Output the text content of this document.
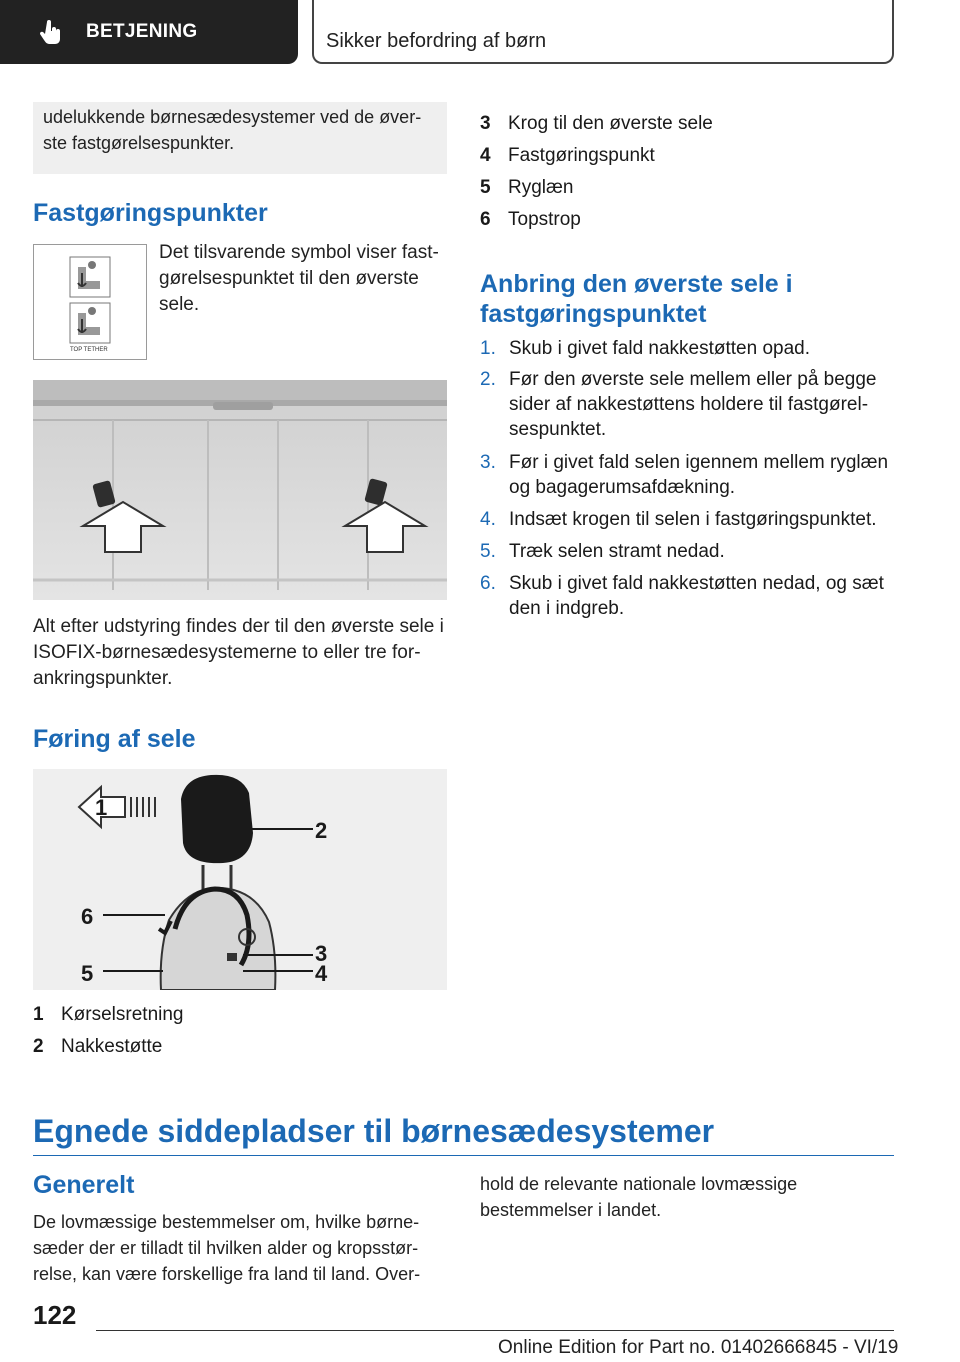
BETJENING	Sikker befordring af børn

udelukkende børnesædesystemer ved de øver-

ste fastgørelsespunkter.

Fastgøringspunkter
TOP TETHER
Det tilsvarende symbol viser fast-
gørelsespunktet til den øverste
sele.
Alt efter udstyring findes der til den øverste sele i
ISOFIX-børnesædesystemerne to eller tre for-
ankringspunkter.
Føring af sele
1
2
3
4
5
6
1 Kørselsretning
2 Nakkestøtte
3 Krog til den øverste sele
4 Fastgøringspunkt
5 Ryglæn
6 Topstrop
Anbring den øverste sele i
fastgøringspunktet
1. Skub i givet fald nakkestøtten opad.
2. Før den øverste sele mellem eller på begge
sider af nakkestøttens holdere til fastgørel-
sespunktet.
3. Før i givet fald selen igennem mellem ryglæn
og bagagerumsafdækning.
4. Indsæt krogen til selen i fastgøringspunktet.
5. Træk selen stramt nedad.
6. Skub i givet fald nakkestøtten nedad, og sæt
den i indgreb.
Egnede siddepladser til børnesædesystemer
Generelt
De lovmæssige bestemmelser om, hvilke børne-
sæder der er tilladt til hvilken alder og kropsstør-
relse, kan være forskellige fra land til land. Over-
hold de relevante nationale lovmæssige
bestemmelser i landet.
122
Online Edition for Part no. 01402666845 - VI/19
